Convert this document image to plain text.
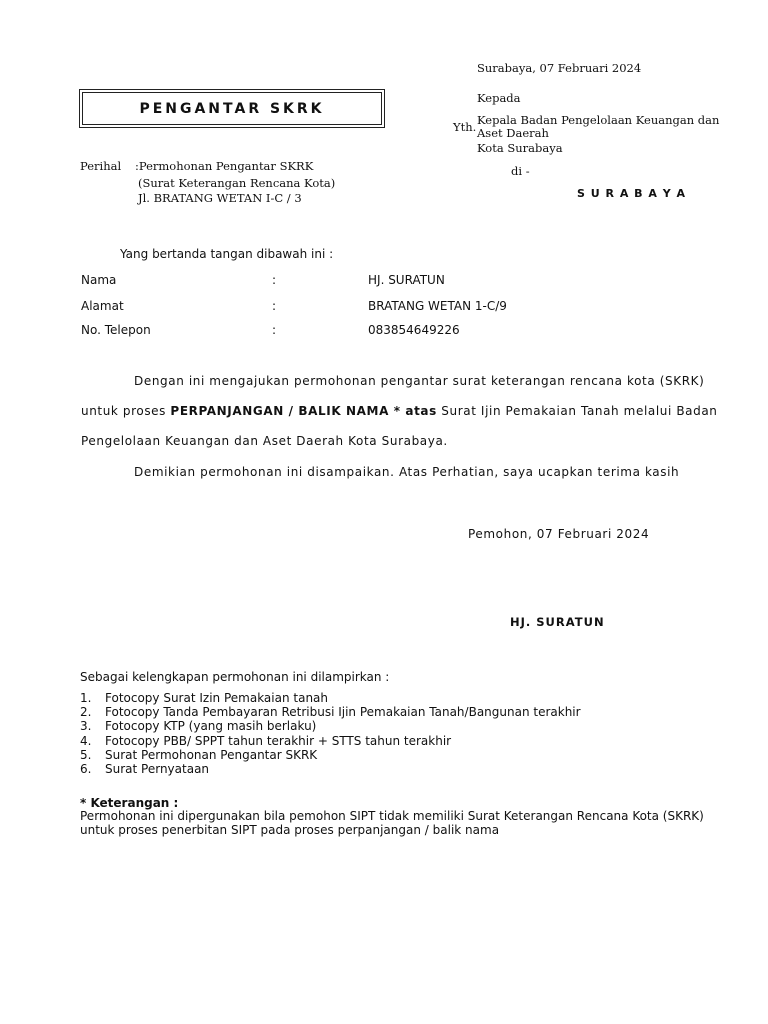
Surabaya, 07 Februari 2024
PENGANTAR SKRK
Kepada
Yth. Kepala Badan Pengelolaan Keuangan dan
Aset Daerah
Kota Surabaya
di -
S U R A B A Y A
Perihal :Permohonan Pengantar SKRK
(Surat Keterangan Rencana Kota)
Jl. BRATANG WETAN I-C / 3
Yang bertanda tangan dibawah ini :
Nama	:	HJ. SURATUN
Alamat	:	BRATANG WETAN 1-C/9
No. Telepon	:	083854649226
Dengan ini mengajukan permohonan pengantar surat keterangan rencana kota (SKRK)
untuk proses PERPANJANGAN / BALIK NAMA * atas Surat Ijin Pemakaian Tanah melalui Badan
Pengelolaan Keuangan dan Aset Daerah Kota Surabaya.
Demikian permohonan ini disampaikan. Atas Perhatian, saya ucapkan terima kasih
Pemohon, 07 Februari 2024
HJ. SURATUN
Sebagai kelengkapan permohonan ini dilampirkan :
1. Fotocopy Surat Izin Pemakaian tanah
2. Fotocopy Tanda Pembayaran Retribusi Ijin Pemakaian Tanah/Bangunan terakhir
3. Fotocopy KTP (yang masih berlaku)
4. Fotocopy PBB/ SPPT tahun terakhir + STTS tahun terakhir
5. Surat Permohonan Pengantar SKRK
6. Surat Pernyataan
* Keterangan :
Permohonan ini dipergunakan bila pemohon SIPT tidak memiliki Surat Keterangan Rencana Kota (SKRK) untuk proses penerbitan SIPT pada proses perpanjangan / balik nama
